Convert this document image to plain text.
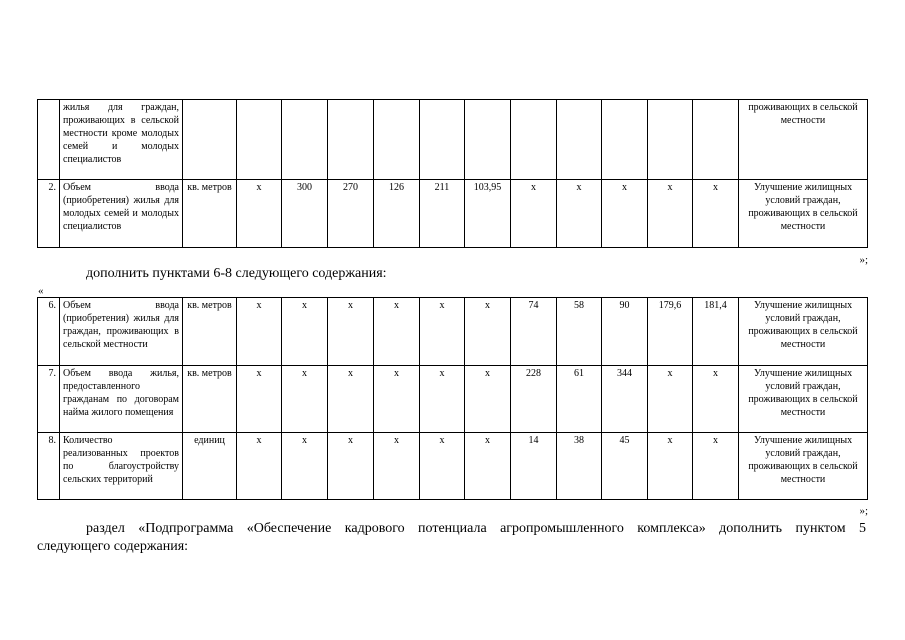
	жилья для граждан, проживающих в сельской местности кроме молодых семей и молодых специалистов													проживающих в сельской местности
2.	Объем ввода (приобретения) жилья для молодых семей и молодых специалистов	кв. метров	х	300	270	126	211	103,95	х	х	х	х	х	Улучшение жилищных условий граждан, проживающих в сельской местности
»;
дополнить пунктами 6-8 следующего содержания:
«
6.	Объем ввода (приобретения) жилья для граждан, проживающих в сельской местности	кв. метров	х	х	х	х	х	х	74	58	90	179,6	181,4	Улучшение жилищных условий граждан, проживающих в сельской местности
7.	Объем ввода жилья, предоставленного гражданам по договорам найма жилого помещения	кв. метров	х	х	х	х	х	х	228	61	344	х	х	Улучшение жилищных условий граждан, проживающих в сельской местности
8.	Количество реализованных проектов по благоустройству сельских территорий	единиц	х	х	х	х	х	х	14	38	45	х	х	Улучшение жилищных условий граждан, проживающих в сельской местности
»;
раздел «Подпрограмма «Обеспечение кадрового потенциала агропромышленного комплекса» дополнить пунктом 5
следующего содержания:
